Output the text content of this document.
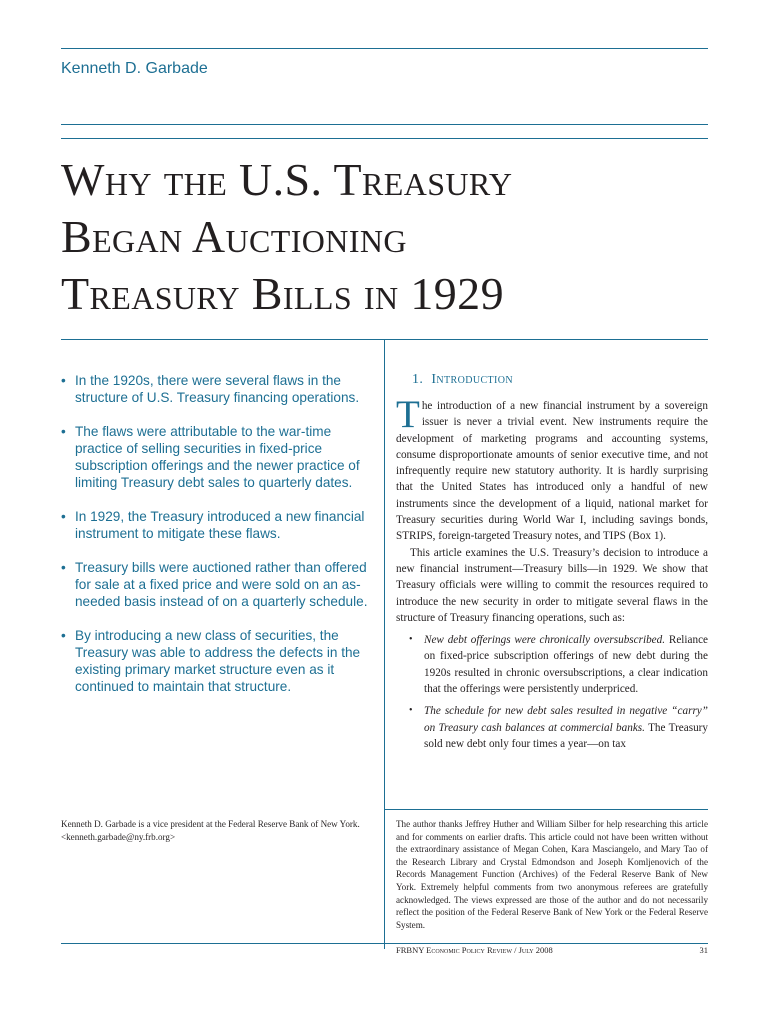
Kenneth D. Garbade

Why the U.S. Treasury
Began Auctioning
Treasury Bills in 1929
• In the 1920s, there were several flaws in the structure of U.S. Treasury financing operations.
• The flaws were attributable to the war-time practice of selling securities in fixed-price subscription offerings and the newer practice of limiting Treasury debt sales to quarterly dates.
• In 1929, the Treasury introduced a new financial instrument to mitigate these flaws.
• Treasury bills were auctioned rather than offered for sale at a fixed price and were sold on an as-needed basis instead of on a quarterly schedule.
• By introducing a new class of securities, the Treasury was able to address the defects in the existing primary market structure even as it continued to maintain that structure.
1. Introduction

The introduction of a new financial instrument by a sovereign issuer is never a trivial event. New instruments require the development of marketing programs and accounting systems, consume disproportionate amounts of senior executive time, and not infrequently require new statutory authority. It is hardly surprising that the United States has introduced only a handful of new instruments since the development of a liquid, national market for Treasury securities during World War I, including savings bonds, STRIPS, foreign-targeted Treasury notes, and TIPS (Box 1).

This article examines the U.S. Treasury’s decision to introduce a new financial instrument—Treasury bills—in 1929. We show that Treasury officials were willing to commit the resources required to introduce the new security in order to mitigate several flaws in the structure of Treasury financing operations, such as:

• New debt offerings were chronically oversubscribed. Reliance on fixed-price subscription offerings of new debt during the 1920s resulted in chronic oversubscriptions, a clear indication that the offerings were persistently underpriced.
• The schedule for new debt sales resulted in negative “carry” on Treasury cash balances at commercial banks. The Treasury sold new debt only four times a year—on tax

Kenneth D. Garbade is a vice president at the Federal Reserve Bank of New York.

<kenneth.garbade@ny.frb.org>

The author thanks Jeffrey Huther and William Silber for help researching this article and for comments on earlier drafts. This article could not have been written without the extraordinary assistance of Megan Cohen, Kara Masciangelo, and Mary Tao of the Research Library and Crystal Edmondson and Joseph Komljenovich of the Records Management Function (Archives) of the Federal Reserve Bank of New York. Extremely helpful comments from two anonymous referees are gratefully acknowledged. The views expressed are those of the author and do not necessarily reflect the position of the Federal Reserve Bank of New York or the Federal Reserve System.

FRBNY Economic Policy Review / July 2008	31
